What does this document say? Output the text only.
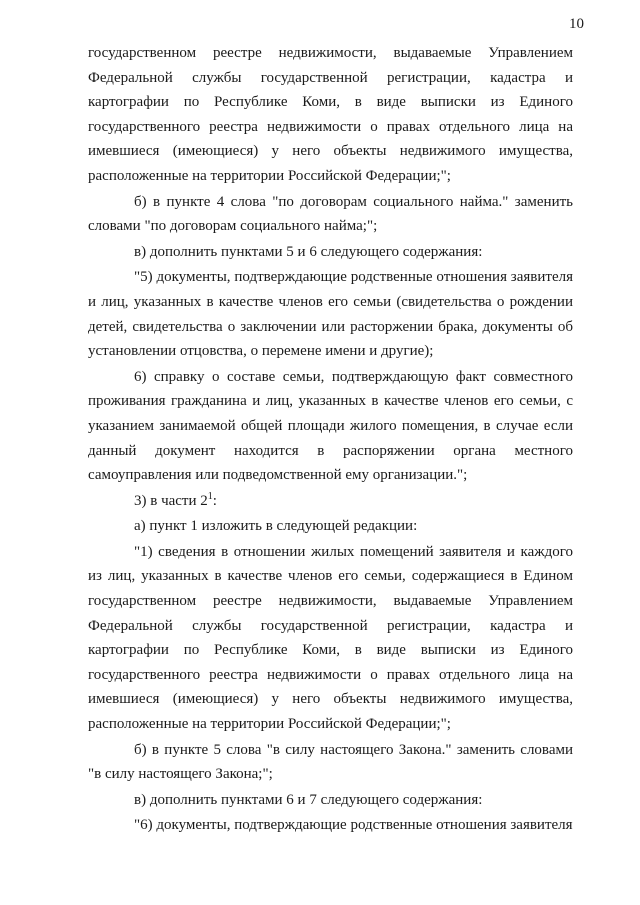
10

государственном реестре недвижимости, выдаваемые Управлением Федеральной службы государственной регистрации, кадастра и картографии по Республике Коми, в виде выписки из Единого государственного реестра недвижимости о правах отдельного лица на имевшиеся (имеющиеся) у него объекты недвижимого имущества, расположенные на территории Российской Федерации;";

б) в пункте 4 слова "по договорам социального найма." заменить словами "по договорам социального найма;";

в) дополнить пунктами 5 и 6 следующего содержания:

"5) документы, подтверждающие родственные отношения заявителя и лиц, указанных в качестве членов его семьи (свидетельства о рождении детей, свидетельства о заключении или расторжении брака, документы об установлении отцовства, о перемене имени и другие);

6) справку о составе семьи, подтверждающую факт совместного проживания гражданина и лиц, указанных в качестве членов его семьи, с указанием занимаемой общей площади жилого помещения, в случае если данный документ находится в распоряжении органа местного самоуправления или подведомственной ему организации.";

3) в части $2^1$:

а) пункт 1 изложить в следующей редакции:

"1) сведения в отношении жилых помещений заявителя и каждого из лиц, указанных в качестве членов его семьи, содержащиеся в Едином государственном реестре недвижимости, выдаваемые Управлением Федеральной службы государственной регистрации, кадастра и картографии по Республике Коми, в виде выписки из Единого государственного реестра недвижимости о правах отдельного лица на имевшиеся (имеющиеся) у него объекты недвижимого имущества, расположенные на территории Российской Федерации;";

б) в пункте 5 слова "в силу настоящего Закона." заменить словами "в силу настоящего Закона;";

в) дополнить пунктами 6 и 7 следующего содержания:

"6) документы, подтверждающие родственные отношения заявителя
